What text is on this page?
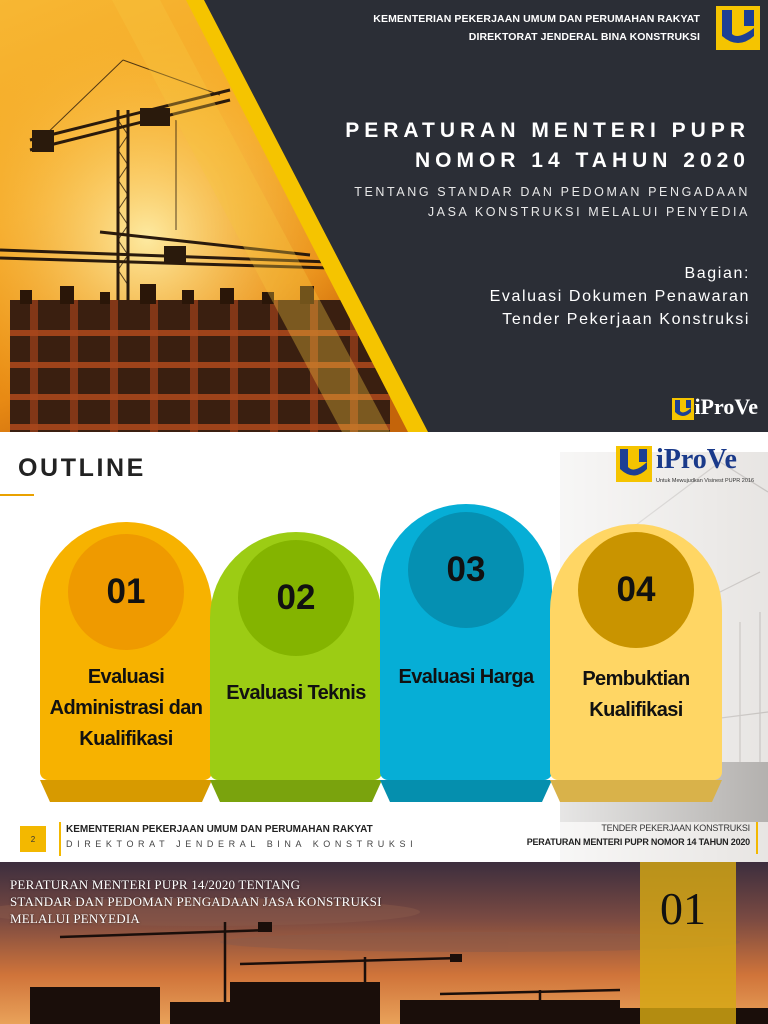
KEMENTERIAN PEKERJAAN UMUM DAN PERUMAHAN RAKYAT
DIREKTORAT JENDERAL BINA KONSTRUKSI
PERATURAN MENTERI PUPR
NOMOR 14 TAHUN 2020
TENTANG STANDAR DAN PEDOMAN PENGADAAN
JASA KONSTRUKSI MELALUI PENYEDIA
Bagian:
Evaluasi Dokumen Penawaran
Tender Pekerjaan Konstruksi
iProVe
OUTLINE	iProVe
Untuk Mewujudkan Visinest PUPR 2016
01
Evaluasi Administrasi dan Kualifikasi
02
Evaluasi Teknis
03
Evaluasi Harga
04
Pembuktian Kualifikasi
2
KEMENTERIAN PEKERJAAN UMUM DAN PERUMAHAN RAKYAT
DIREKTORAT JENDERAL BINA KONSTRUKSI
TENDER PEKERJAAN KONSTRUKSI
PERATURAN MENTERI PUPR NOMOR 14 TAHUN 2020
PERATURAN MENTERI PUPR 14/2020 TENTANG
STANDAR DAN PEDOMAN PENGADAAN JASA KONSTRUKSI
MELALUI PENYEDIA	01
